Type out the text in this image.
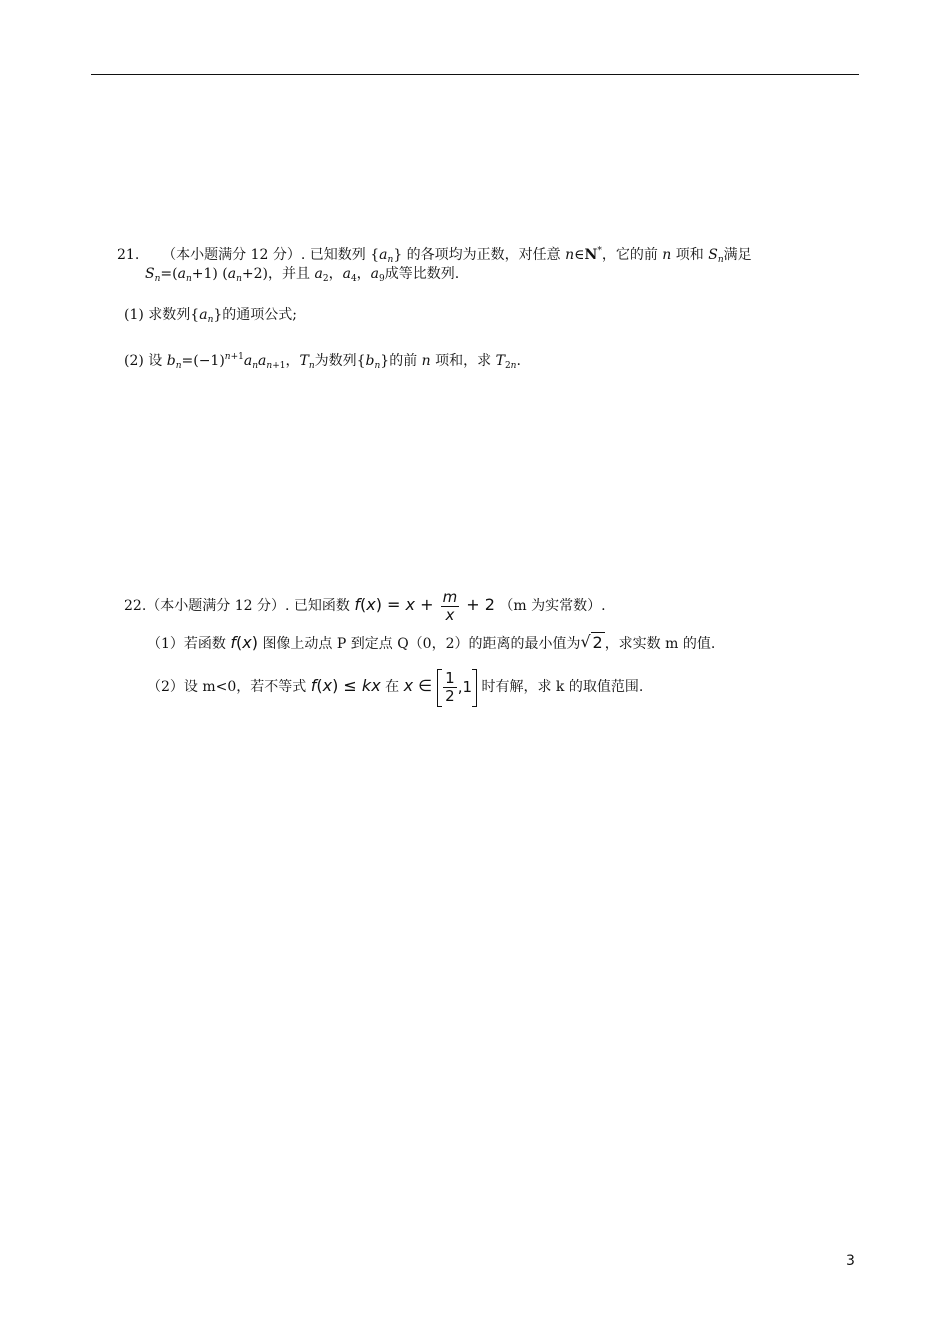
21. （本小题满分 12 分）. 已知数列 $\{a_n\}$ 的各项均为正数，对任意 n∈N*，它的前 n 项和 $S_n$满足
$S_n=(a_n+1)$ $(a_n+2)$，并且 $a_2$，$a_4$，$a_9$成等比数列.
(1) 求数列$\{a_n\}$的通项公式;
(2) 设 $b_n=(-1)^{n+1}a_na_{n+1}$，$T_n$为数列$\{b_n\}$的前 n 项和，求 $T_{2n}$.
22.（本小题满分 12 分）. 已知函数 $f(x) = x + \frac{m}{x} + 2$ （m 为实常数）.
（1）若函数 f(x) 图像上动点 P 到定点 Q（0，2）的距离的最小值为 √ 2 ，求实数 m 的值.
（2）设 m<0，若不等式 f(x) ≤ kx 在 x ∈ $\frac{1}{2} ,1$ 时有解，求 k 的取值范围.
3
